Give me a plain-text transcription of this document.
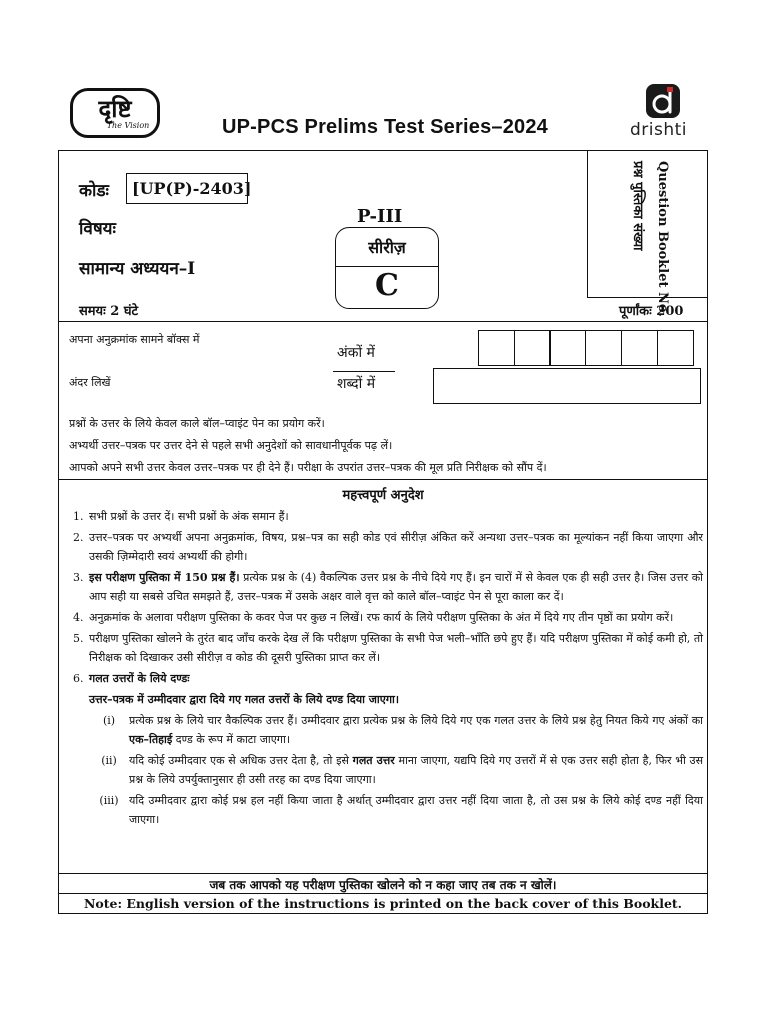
दृष्टि
The Vision	UP-PCS Prelims Test Series–2024	drishti
कोडः	[UP(P)-2403]
विषयः
सामान्य अध्ययन–I
समयः 2 घंटे
P-III
सीरीज़
C	Question Booklet No.
प्रश्न पुस्तिका संख्या
पूर्णांकः 200
अपना अनुक्रमांक सामने बॉक्स में
अंदर लिखें
अंकों में
शब्दों में
प्रश्नों के उत्तर के लिये केवल काले बॉल–प्वाइंट पेन का प्रयोग करें।
अभ्यर्थी उत्तर–पत्रक पर उत्तर देने से पहले सभी अनुदेशों को सावधानीपूर्वक पढ़ लें।
आपको अपने सभी उत्तर केवल उत्तर–पत्रक पर ही देने हैं। परीक्षा के उपरांत उत्तर–पत्रक की मूल प्रति निरीक्षक को सौंप दें।
महत्त्वपूर्ण अनुदेश
1. सभी प्रश्नों के उत्तर दें। सभी प्रश्नों के अंक समान हैं।
2. उत्तर–पत्रक पर अभ्यर्थी अपना अनुक्रमांक, विषय, प्रश्न–पत्र का सही कोड एवं सीरीज़ अंकित करें अन्यथा उत्तर–पत्रक का मूल्यांकन नहीं किया जाएगा और उसकी ज़िम्मेदारी स्वयं अभ्यर्थी की होगी।
3. इस परीक्षण पुस्तिका में 150 प्रश्न हैं। प्रत्येक प्रश्न के (4) वैकल्पिक उत्तर प्रश्न के नीचे दिये गए हैं। इन चारों में से केवल एक ही सही उत्तर है। जिस उत्तर को आप सही या सबसे उचित समझते हैं, उत्तर–पत्रक में उसके अक्षर वाले वृत्त को काले बॉल–प्वाइंट पेन से पूरा काला कर दें।
4. अनुक्रमांक के अलावा परीक्षण पुस्तिका के कवर पेज पर कुछ न लिखें। रफ कार्य के लिये परीक्षण पुस्तिका के अंत में दिये गए तीन पृष्ठों का प्रयोग करें।
5. परीक्षण पुस्तिका खोलने के तुरंत बाद जाँच करके देख लें कि परीक्षण पुस्तिका के सभी पेज भली–भाँति छपे हुए हैं। यदि परीक्षण पुस्तिका में कोई कमी हो, तो निरीक्षक को दिखाकर उसी सीरीज़ व कोड की दूसरी पुस्तिका प्राप्त कर लें।
6. गलत उत्तरों के लिये दण्डः
उत्तर–पत्रक में उम्मीदवार द्वारा दिये गए गलत उत्तरों के लिये दण्ड दिया जाएगा।
(i)	प्रत्येक प्रश्न के लिये चार वैकल्पिक उत्तर हैं। उम्मीदवार द्वारा प्रत्येक प्रश्न के लिये दिये गए एक गलत उत्तर के लिये प्रश्न हेतु नियत किये गए अंकों का एक–तिहाई दण्ड के रूप में काटा जाएगा।
(ii)	यदि कोई उम्मीदवार एक से अधिक उत्तर देता है, तो इसे गलत उत्तर माना जाएगा, यद्यपि दिये गए उत्तरों में से एक उत्तर सही होता है, फिर भी उस प्रश्न के लिये उपर्युक्तानुसार ही उसी तरह का दण्ड दिया जाएगा।
(iii) यदि उम्मीदवार द्वारा कोई प्रश्न हल नहीं किया जाता है अर्थात् उम्मीदवार द्वारा उत्तर नहीं दिया जाता है, तो उस प्रश्न के लिये कोई दण्ड नहीं दिया जाएगा।
जब तक आपको यह परीक्षण पुस्तिका खोलने को न कहा जाए तब तक न खोलें।
Note: English version of the instructions is printed on the back cover of this Booklet.
